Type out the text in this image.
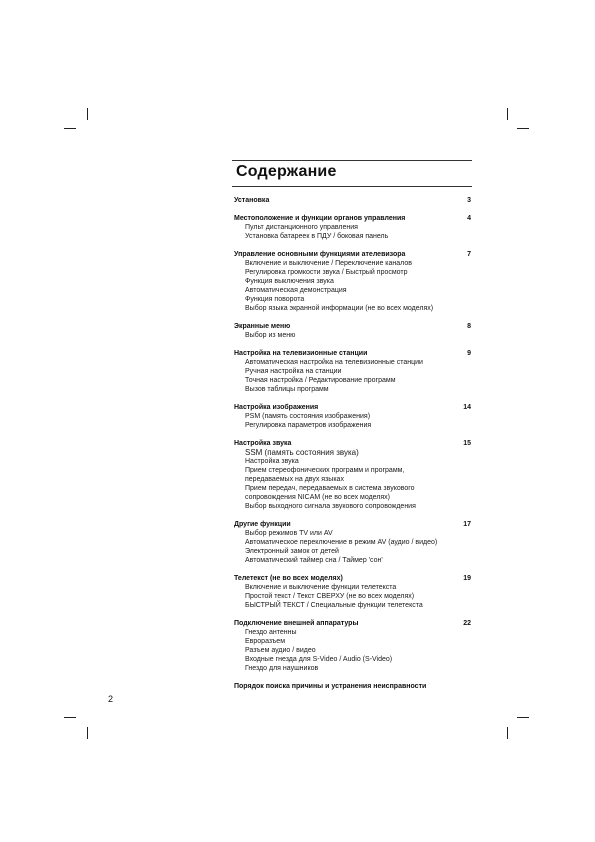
Содержание
Установка	3
Местоположение и функции органов управления	4
Пульт дистанционного управления
Установка батареек в ПДУ / боковая панель
Управление основными функциями ателевизора	7
Включение и выключение / Переключение каналов
Регулировка громкости звука / Быстрый просмотр
Функция выключения звука
Автоматическая демонстрация
Функция поворота
Выбор языка экранной информации (не во всех моделях)
Экранные меню	8
Выбор из меню
Настройка на телевизионные станции	9
Автоматическая настройка на телевизионные станции
Ручная настройка на станции
Точная настройка / Редактирование программ
Вызов таблицы программ
Настройка изображения	14
PSM (память состояния изображения)
Регулировка параметров изображения
Настройка звука	15
SSM (память состояния звука)
Настройка звука
Прием стереофонических программ и программ,
передаваемых на двух языках
Прием передач, передаваемых в система звукового
сопровождения NICAM (не во всех моделях)
Выбор выходного сигнала звукового сопровождения
Другие функции	17
Выбор режимов TV или AV
Автоматическое переключение в режим AV (аудио / видео)
Электронный замок от детей
Автоматический таймер сна / Таймер 'сон'
Телетекст (не во всех моделях)	19
Включение и выключение функции телетекста
Простой текст / Текст СВЕРХУ (не во всех моделях)
БЫСТРЫЙ ТЕКСТ / Специальные функции телетекста
Подключение внешней аппаратуры	22
Гнездо антенны
Евроразъем
Разъем аудио / видео
Входные гнезда для S-Video / Audio (S-Video)
Гнездо для наушников
Порядок поиска причины и устранения неисправности
2
